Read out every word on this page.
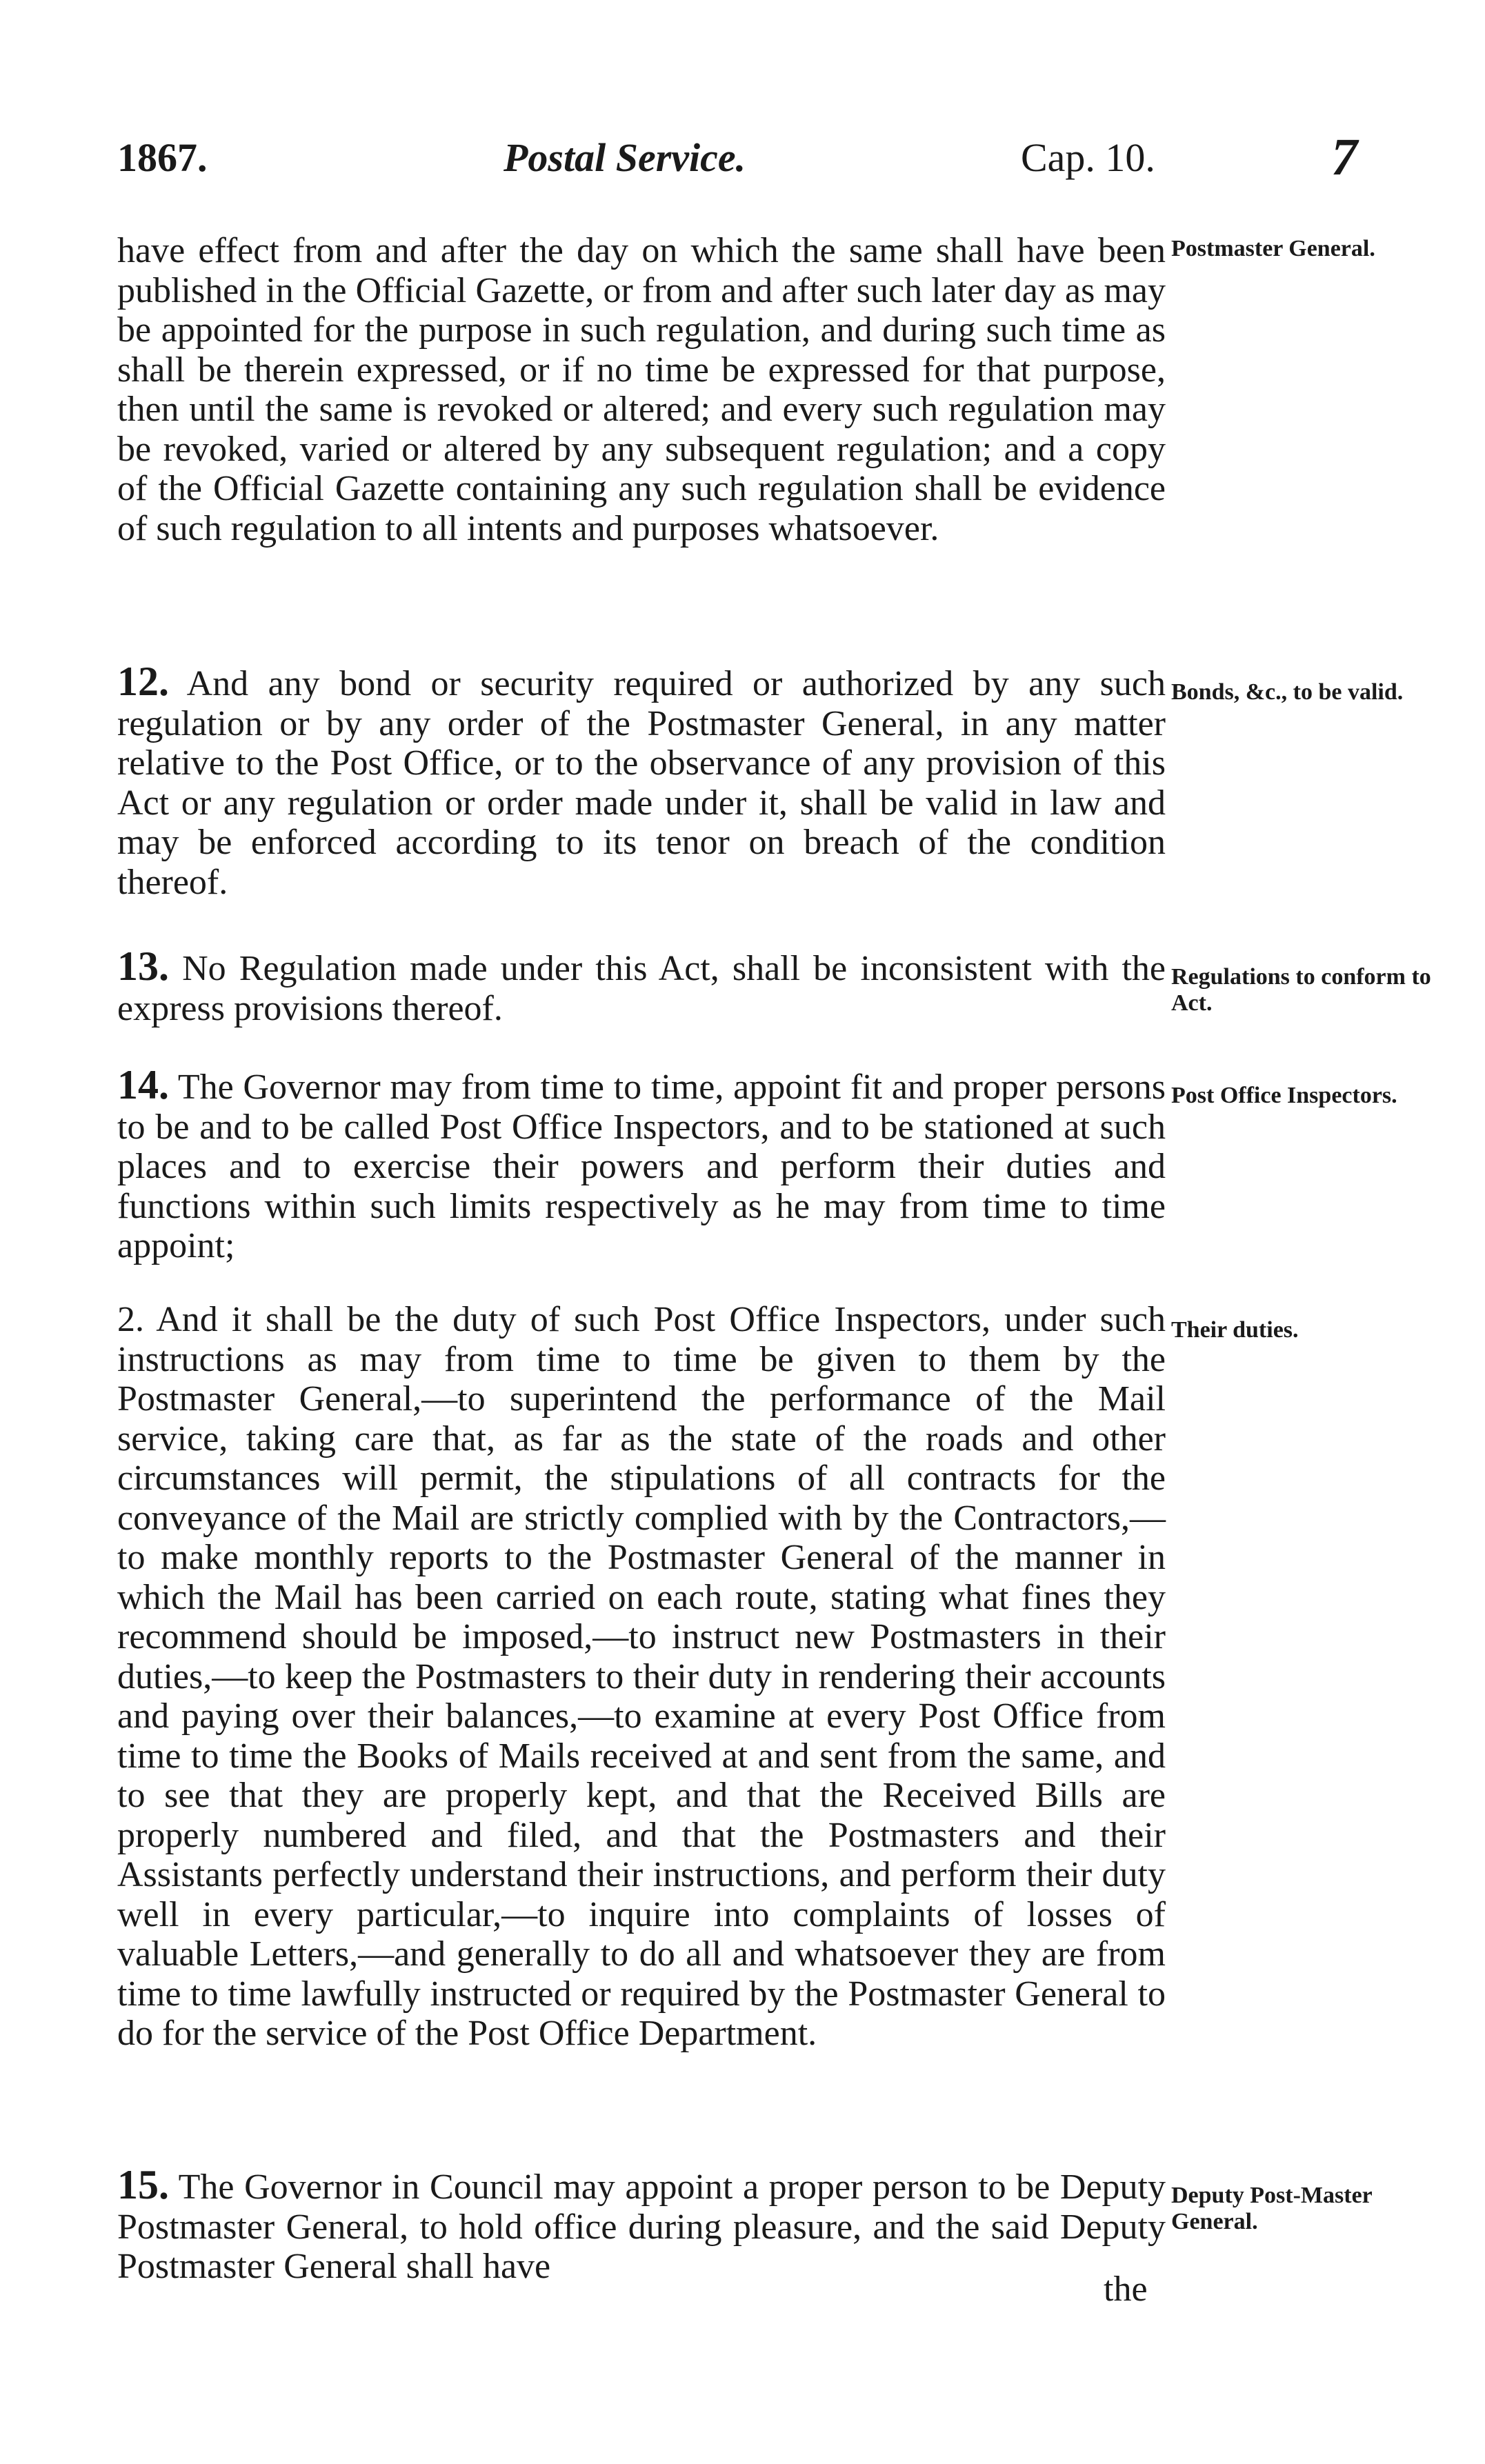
1867.	Postal Service.	Cap. 10.	7
have effect from and after the day on which the same shall have been published in the Official Gazette, or from and after such later day as may be appointed for the purpose in such regulation, and during such time as shall be therein expressed, or if no time be expressed for that purpose, then until the same is revoked or altered; and every such regulation may be revoked, varied or altered by any subsequent regulation; and a copy of the Official Gazette containing any such regulation shall be evidence of such regulation to all intents and purposes whatsoever.
Postmaster General.
12. And any bond or security required or authorized by any such regulation or by any order of the Postmaster General, in any matter relative to the Post Office, or to the observance of any provision of this Act or any regulation or order made under it, shall be valid in law and may be enforced according to its tenor on breach of the condition thereof.
Bonds, &c., to be valid.
13. No Regulation made under this Act, shall be inconsistent with the express provisions thereof.
Regulations to conform to Act.
14. The Governor may from time to time, appoint fit and proper persons to be and to be called Post Office Inspectors, and to be stationed at such places and to exercise their powers and perform their duties and functions within such limits respectively as he may from time to time appoint;
Post Office Inspectors.
2. And it shall be the duty of such Post Office Inspectors, under such instructions as may from time to time be given to them by the Postmaster General,—to superintend the performance of the Mail service, taking care that, as far as the state of the roads and other circumstances will permit, the stipulations of all contracts for the conveyance of the Mail are strictly complied with by the Contractors,—to make monthly reports to the Postmaster General of the manner in which the Mail has been carried on each route, stating what fines they recommend should be imposed,—to instruct new Postmasters in their duties,—to keep the Postmasters to their duty in rendering their accounts and paying over their balances,—to examine at every Post Office from time to time the Books of Mails received at and sent from the same, and to see that they are properly kept, and that the Received Bills are properly numbered and filed, and that the Postmasters and their Assistants perfectly understand their instructions, and perform their duty well in every particular,—to inquire into complaints of losses of valuable Letters,—and generally to do all and whatsoever they are from time to time lawfully instructed or required by the Postmaster General to do for the service of the Post Office Department.
Their duties.
15. The Governor in Council may appoint a proper person to be Deputy Postmaster General, to hold office during pleasure, and the said Deputy Postmaster General shall have
Deputy Post-Master General.
the
